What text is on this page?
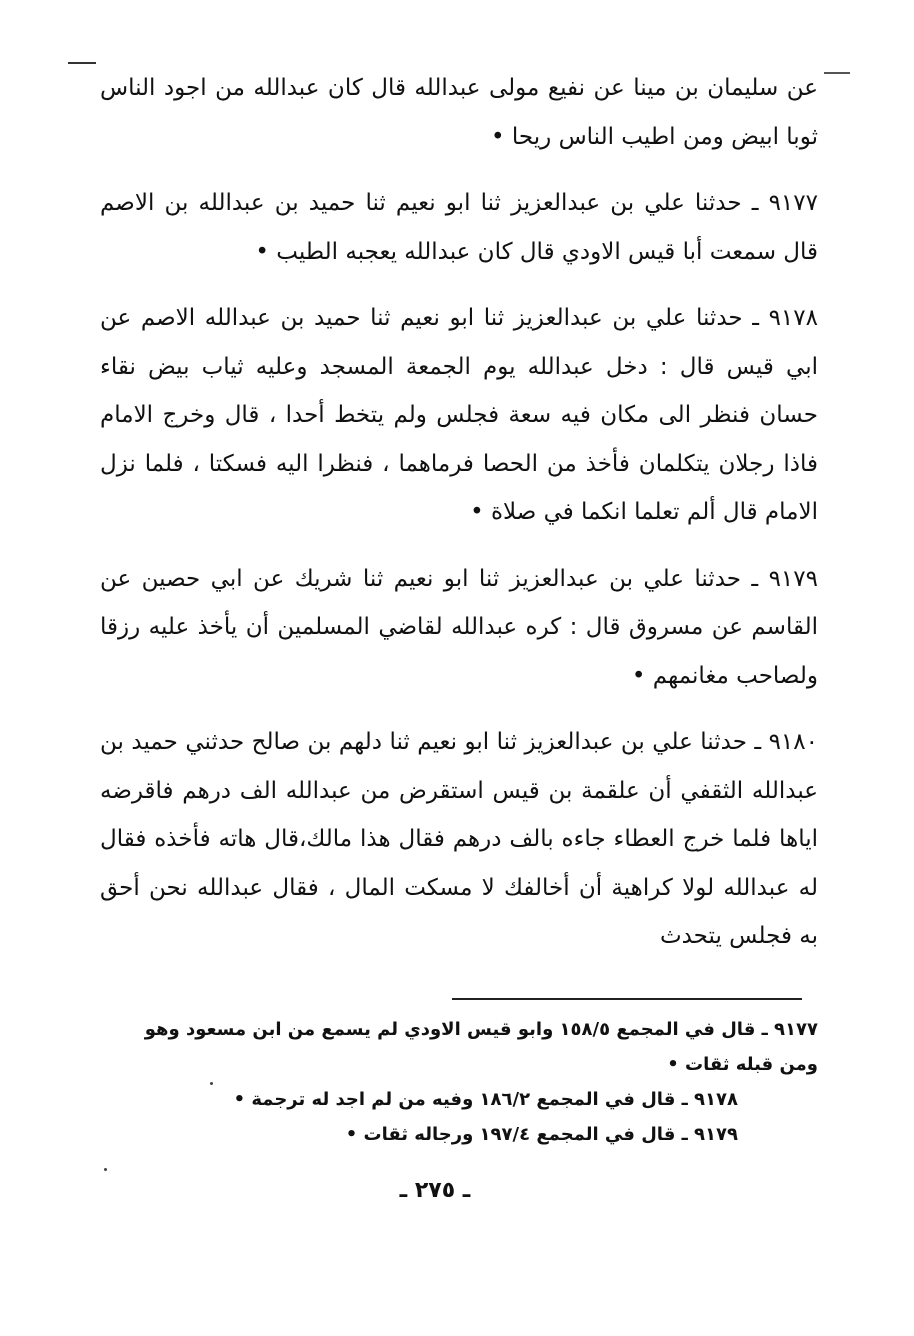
عن سليمان بن مينا عن نفيع مولى عبدالله قال كان عبدالله من اجود الناس ثوبا ابيض ومن اطيب الناس ريحا •

٩١٧٧ ـ حدثنا علي بن عبدالعزيز ثنا ابو نعيم ثنا حميد بن عبدالله بن الاصم قال سمعت أبا قيس الاودي قال كان عبدالله يعجبه الطيب •

٩١٧٨ ـ حدثنا علي بن عبدالعزيز ثنا ابو نعيم ثنا حميد بن عبدالله الاصم عن ابي قيس قال : دخل عبدالله يوم الجمعة المسجد وعليه ثياب بيض نقاء حسان فنظر الى مكان فيه سعة فجلس ولم يتخط أحدا ، قال وخرج الامام فاذا رجلان يتكلمان فأخذ من الحصا فرماهما ، فنظرا اليه فسكتا ، فلما نزل الامام قال ألم تعلما انكما في صلاة •

٩١٧٩ ـ حدثنا علي بن عبدالعزيز ثنا ابو نعيم ثنا شريك عن ابي حصين عن القاسم عن مسروق قال : كره عبدالله لقاضي المسلمين أن يأخذ عليه رزقا ولصاحب مغانمهم •

٩١٨٠ ـ حدثنا علي بن عبدالعزيز ثنا ابو نعيم ثنا دلهم بن صالح حدثني حميد بن عبدالله الثقفي أن علقمة بن قيس استقرض من عبدالله الف درهم فاقرضه اياها فلما خرج العطاء جاءه بالف درهم فقال هذا مالك،قال هاته فأخذه فقال له عبدالله لولا كراهية أن أخالفك لا مسكت المال ، فقال عبدالله نحن أحق به فجلس يتحدث

٩١٧٧ ـ قال في المجمع ١٥٨/٥ وابو قيس الاودي لم يسمع من ابن مسعود وهو ومن قبله ثقات •

٩١٧٨ ـ قال في المجمع ١٨٦/٢ وفيه من لم اجد له ترجمة •

٩١٧٩ ـ قال في المجمع ١٩٧/٤ ورجاله ثقات •

ـ ٢٧٥ ـ
